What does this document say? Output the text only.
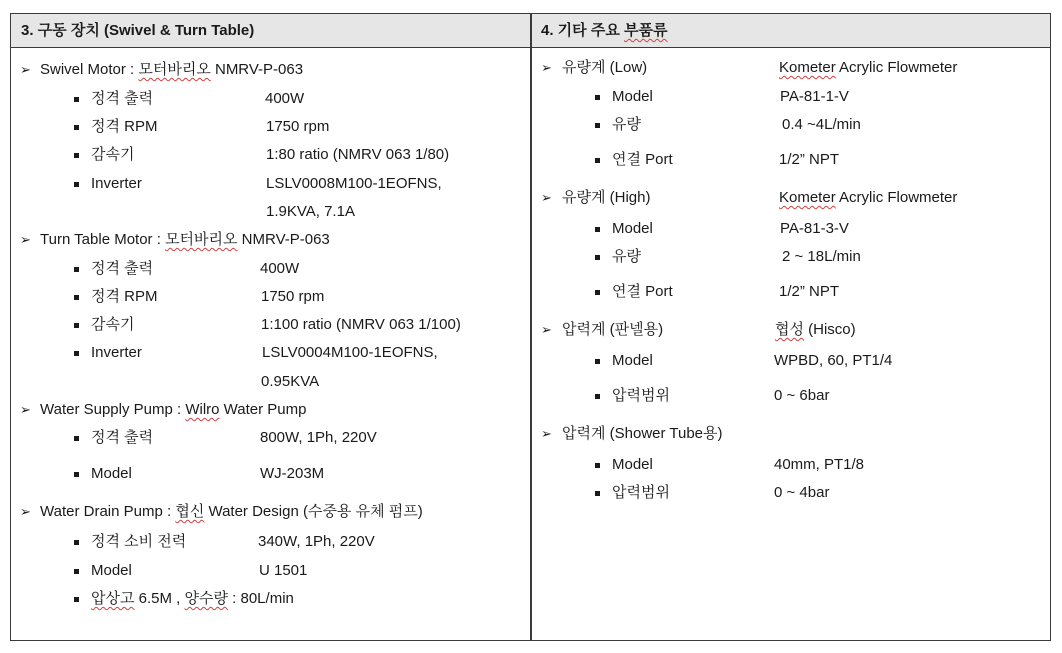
3. 구동 장치 (Swivel & Turn Table)	4. 기타 주요 부품류
➢ Swivel Motor : 모터바리오 NMRV-P-063
정격 출력	400W
정격 RPM	1750 rpm
감속기	1:80 ratio (NMRV 063 1/80)
Inverter	LSLV0008M100-1EOFNS,
1.9KVA, 7.1A
➢ Turn Table Motor : 모터바리오 NMRV-P-063
정격 출력	400W
정격 RPM	1750 rpm
감속기	1:100 ratio (NMRV 063 1/100)
Inverter	LSLV0004M100-1EOFNS,
0.95KVA
➢ Water Supply Pump : Wilro Water Pump
정격 출력	800W, 1Ph, 220V
Model	WJ-203M
➢ Water Drain Pump : 협신 Water Design (수중용 유체 펌프)
정격 소비 전력	340W, 1Ph, 220V
Model	U 1501
압상고 6.5M , 양수량 : 80L/min
➢ 유량계 (Low)	Kometer Acrylic Flowmeter
Model	PA-81-1-V
유량	0.4 ~4L/min
연결 Port	1/2” NPT
➢ 유량계 (High)	Kometer Acrylic Flowmeter
Model	PA-81-3-V
유량	2 ~ 18L/min
연결 Port	1/2” NPT
➢ 압력계 (판넬용)	협성 (Hisco)
Model	WPBD, 60, PT1/4
압력범위	0 ~ 6bar
➢ 압력계 (Shower Tube용)
Model	40mm, PT1/8
압력범위	0 ~ 4bar
